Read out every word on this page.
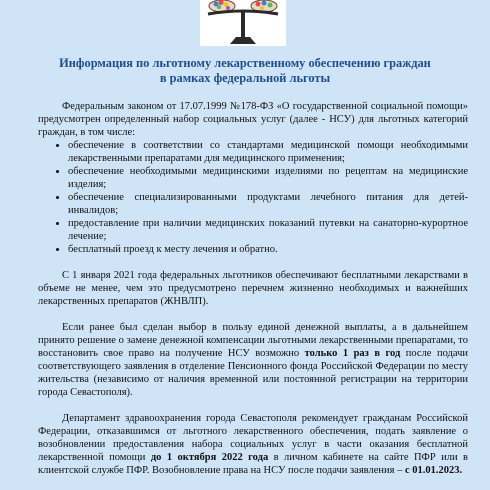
Информация по льготному лекарственному обеспечению граждан
в рамках федеральной льготы

Федеральным законом от 17.07.1999 №178-ФЗ «О государственной социальной помощи» предусмотрен определенный набор социальных услуг (далее - НСУ) для льготных категорий граждан, в том числе:

• обеспечение в соответствии со стандартами медицинской помощи необходимыми лекарственными препаратами для медицинского применения;
• обеспечение необходимыми медицинскими изделиями по рецептам на медицинские изделия;
• обеспечение специализированными продуктами лечебного питания для детей-инвалидов;
• предоставление при наличии медицинских показаний путевки на санаторно-курортное лечение;
• бесплатный проезд к месту лечения и обратно.

С 1 января 2021 года федеральных льготников обеспечивают бесплатными лекарствами в объеме не менее, чем это предусмотрено перечнем жизненно необходимых и важнейших лекарственных препаратов (ЖНВЛП).

Если ранее был сделан выбор в пользу единой денежной выплаты, а в дальнейшем принято решение о замене денежной компенсации льготными лекарственными препаратами, то восстановить свое право на получение НСУ возможно только 1 раз в год после подачи соответствующего заявления в отделение Пенсионного фонда Российской Федерации по месту жительства (независимо от наличия временной или постоянной регистрации на территории города Севастополя).

Департамент здравоохранения города Севастополя рекомендует гражданам Российской Федерации, отказавшимся от льготного лекарственного обеспечения, подать заявление о возобновлении предоставления набора социальных услуг в части оказания бесплатной лекарственной помощи до 1 октября 2022 года в личном кабинете на сайте ПФР или в клиентской службе ПФР. Возобновление права на НСУ после подачи заявления – с 01.01.2023.
